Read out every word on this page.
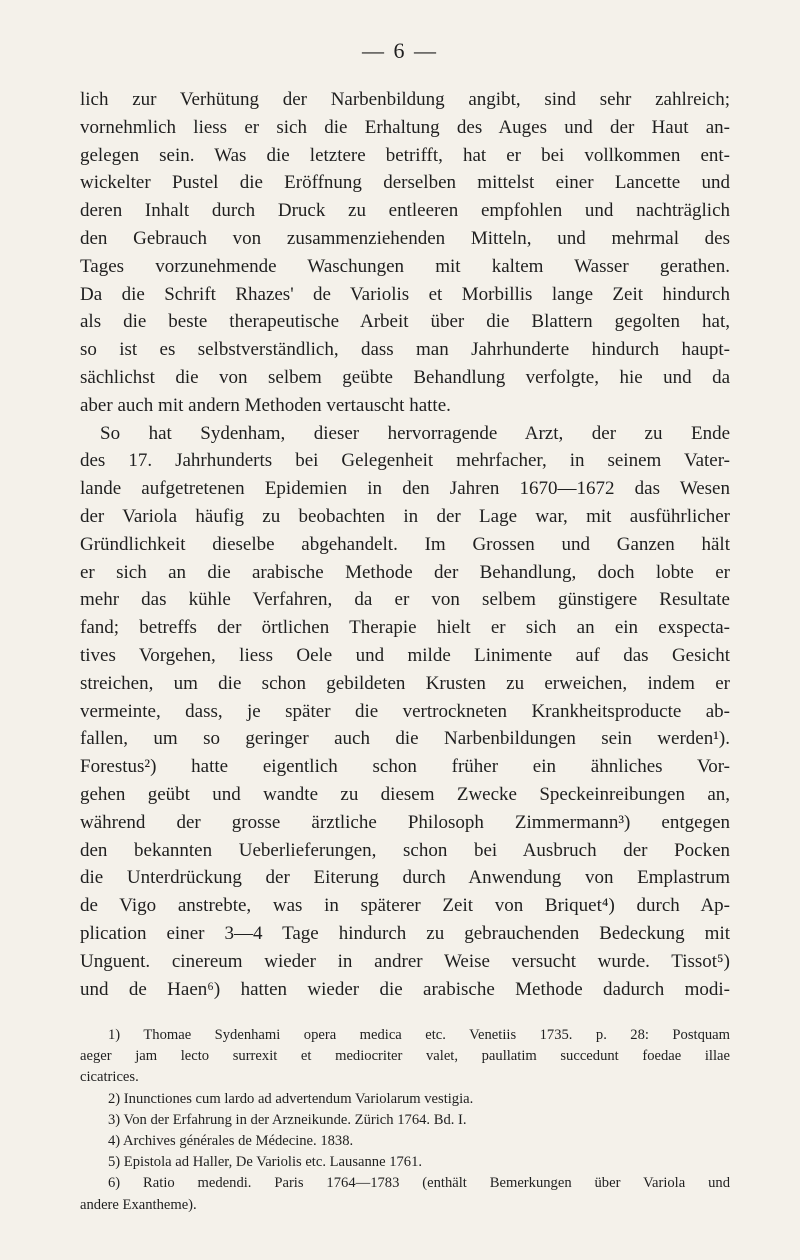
— 6 —
lich zur Verhütung der Narbenbildung angibt, sind sehr zahlreich;
vornehmlich liess er sich die Erhaltung des Auges und der Haut an-
gelegen sein. Was die letztere betrifft, hat er bei vollkommen ent-
wickelter Pustel die Eröffnung derselben mittelst einer Lancette und
deren Inhalt durch Druck zu entleeren empfohlen und nachträglich
den Gebrauch von zusammenziehenden Mitteln, und mehrmal des
Tages vorzunehmende Waschungen mit kaltem Wasser gerathen.
Da die Schrift Rhazes' de Variolis et Morbillis lange Zeit hindurch
als die beste therapeutische Arbeit über die Blattern gegolten hat,
so ist es selbstverständlich, dass man Jahrhunderte hindurch haupt-
sächlichst die von selbem geübte Behandlung verfolgte, hie und da
aber auch mit andern Methoden vertauscht hatte.
So hat Sydenham, dieser hervorragende Arzt, der zu Ende
des 17. Jahrhunderts bei Gelegenheit mehrfacher, in seinem Vater-
lande aufgetretenen Epidemien in den Jahren 1670—1672 das Wesen
der Variola häufig zu beobachten in der Lage war, mit ausführlicher
Gründlichkeit dieselbe abgehandelt. Im Grossen und Ganzen hält
er sich an die arabische Methode der Behandlung, doch lobte er
mehr das kühle Verfahren, da er von selbem günstigere Resultate
fand; betreffs der örtlichen Therapie hielt er sich an ein exspecta-
tives Vorgehen, liess Oele und milde Linimente auf das Gesicht
streichen, um die schon gebildeten Krusten zu erweichen, indem er
vermeinte, dass, je später die vertrockneten Krankheitsproducte ab-
fallen, um so geringer auch die Narbenbildungen sein werden¹).
Forestus²) hatte eigentlich schon früher ein ähnliches Vor-
gehen geübt und wandte zu diesem Zwecke Speckeinreibungen an,
während der grosse ärztliche Philosoph Zimmermann³) entgegen
den bekannten Ueberlieferungen, schon bei Ausbruch der Pocken
die Unterdrückung der Eiterung durch Anwendung von Emplastrum
de Vigo anstrebte, was in späterer Zeit von Briquet⁴) durch Ap-
plication einer 3—4 Tage hindurch zu gebrauchenden Bedeckung mit
Unguent. cinereum wieder in andrer Weise versucht wurde. Tissot⁵)
und de Haen⁶) hatten wieder die arabische Methode dadurch modi-
1) Thomae Sydenhami opera medica etc. Venetiis 1735. p. 28: Postquam
aeger jam lecto surrexit et mediocriter valet, paullatim succedunt foedae illae
cicatrices.
2) Inunctiones cum lardo ad advertendum Variolarum vestigia.
3) Von der Erfahrung in der Arzneikunde. Zürich 1764. Bd. I.
4) Archives générales de Médecine. 1838.
5) Epistola ad Haller, De Variolis etc. Lausanne 1761.
6) Ratio medendi. Paris 1764—1783 (enthält Bemerkungen über Variola und
andere Exantheme).
